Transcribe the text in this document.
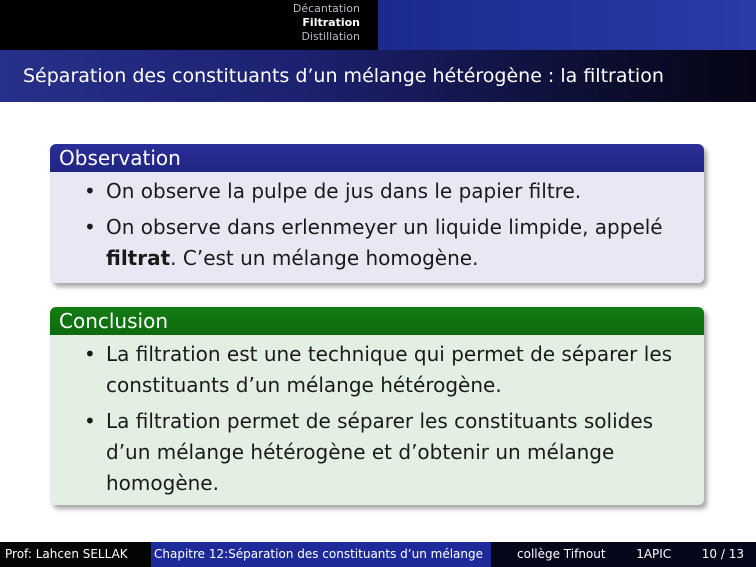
Décantation
Filtration
Distillation
Séparation des constituants d’un mélange hétérogène : la filtration
Observation
• On observe la pulpe de jus dans le papier filtre.
• On observe dans erlenmeyer un liquide limpide, appelé filtrat. C’est un mélange homogène.
Conclusion
• La filtration est une technique qui permet de séparer les constituants d’un mélange hétérogène.
• La filtration permet de séparer les constituants solides d’un mélange hétérogène et d’obtenir un mélange homogène.
Prof: Lahcen SELLAK	Chapitre 12:Séparation des constituants d’un mélange	collège Tifnout	1APIC	10 / 13
